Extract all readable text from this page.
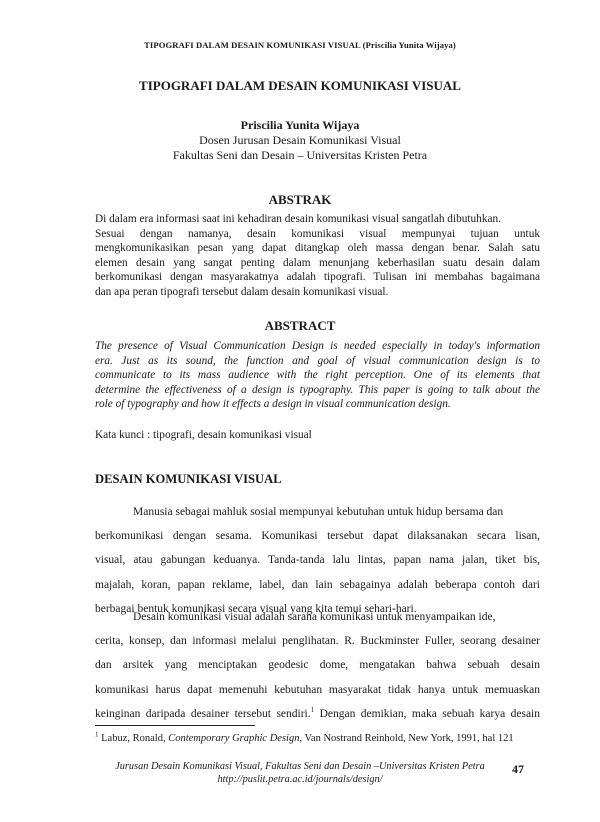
TIPOGRAFI DALAM DESAIN KOMUNIKASI VISUAL (Priscilia Yunita Wijaya)
TIPOGRAFI DALAM DESAIN KOMUNIKASI VISUAL
Priscilia Yunita Wijaya
Dosen Jurusan Desain Komunikasi Visual
Fakultas Seni dan Desain – Universitas Kristen Petra
ABSTRAK
Di dalam era informasi saat ini kehadiran desain komunikasi visual sangatlah dibutuhkan.
Sesuai dengan namanya, desain komunikasi visual mempunyai tujuan untuk
mengkomunikasikan pesan yang dapat ditangkap oleh massa dengan benar. Salah satu
elemen desain yang sangat penting dalam menunjang keberhasilan suatu desain dalam
berkomunikasi dengan masyarakatnya adalah tipografi. Tulisan ini membahas bagaimana
dan apa peran tipografi tersebut dalam desain komunikasi visual.
ABSTRACT
The presence of Visual Communication Design is needed especially in today's information
era. Just as its sound, the function and goal of visual communication design is to
communicate to its mass audience with the right perception. One of its elements that
determine the effectiveness of a design is typography. This paper is going to talk about the
role of typography and how it effects a design in visual communication design.
Kata kunci : tipografi, desain komunikasi visual
DESAIN KOMUNIKASI VISUAL
Manusia sebagai mahluk sosial mempunyai kebutuhan untuk hidup bersama dan
berkomunikasi dengan sesama. Komunikasi tersebut dapat dilaksanakan secara lisan,
visual, atau gabungan keduanya. Tanda-tanda lalu lintas, papan nama jalan, tiket bis,
majalah, koran, papan reklame, label, dan lain sebagainya adalah beberapa contoh dari
berbagai bentuk komunikasi secara visual yang kita temui sehari-hari.
Desain komunikasi visual adalah sarana komunikasi untuk menyampaikan ide,
cerita, konsep, dan informasi melalui penglihatan. R. Buckminster Fuller, seorang desainer
dan arsitek yang menciptakan geodesic dome, mengatakan bahwa sebuah desain
komunikasi harus dapat memenuhi kebutuhan masyarakat tidak hanya untuk memuaskan
keinginan daripada desainer tersebut sendiri.$^1$ Dengan demikian, maka sebuah karya desain
$^1$ Labuz, Ronald, Contemporary Graphic Design, Van Nostrand Reinhold, New York, 1991, hal 121
Jurusan Desain Komunikasi Visual, Fakultas Seni dan Desain –Universitas Kristen Petra
http://puslit.petra.ac.id/journals/design/
47
